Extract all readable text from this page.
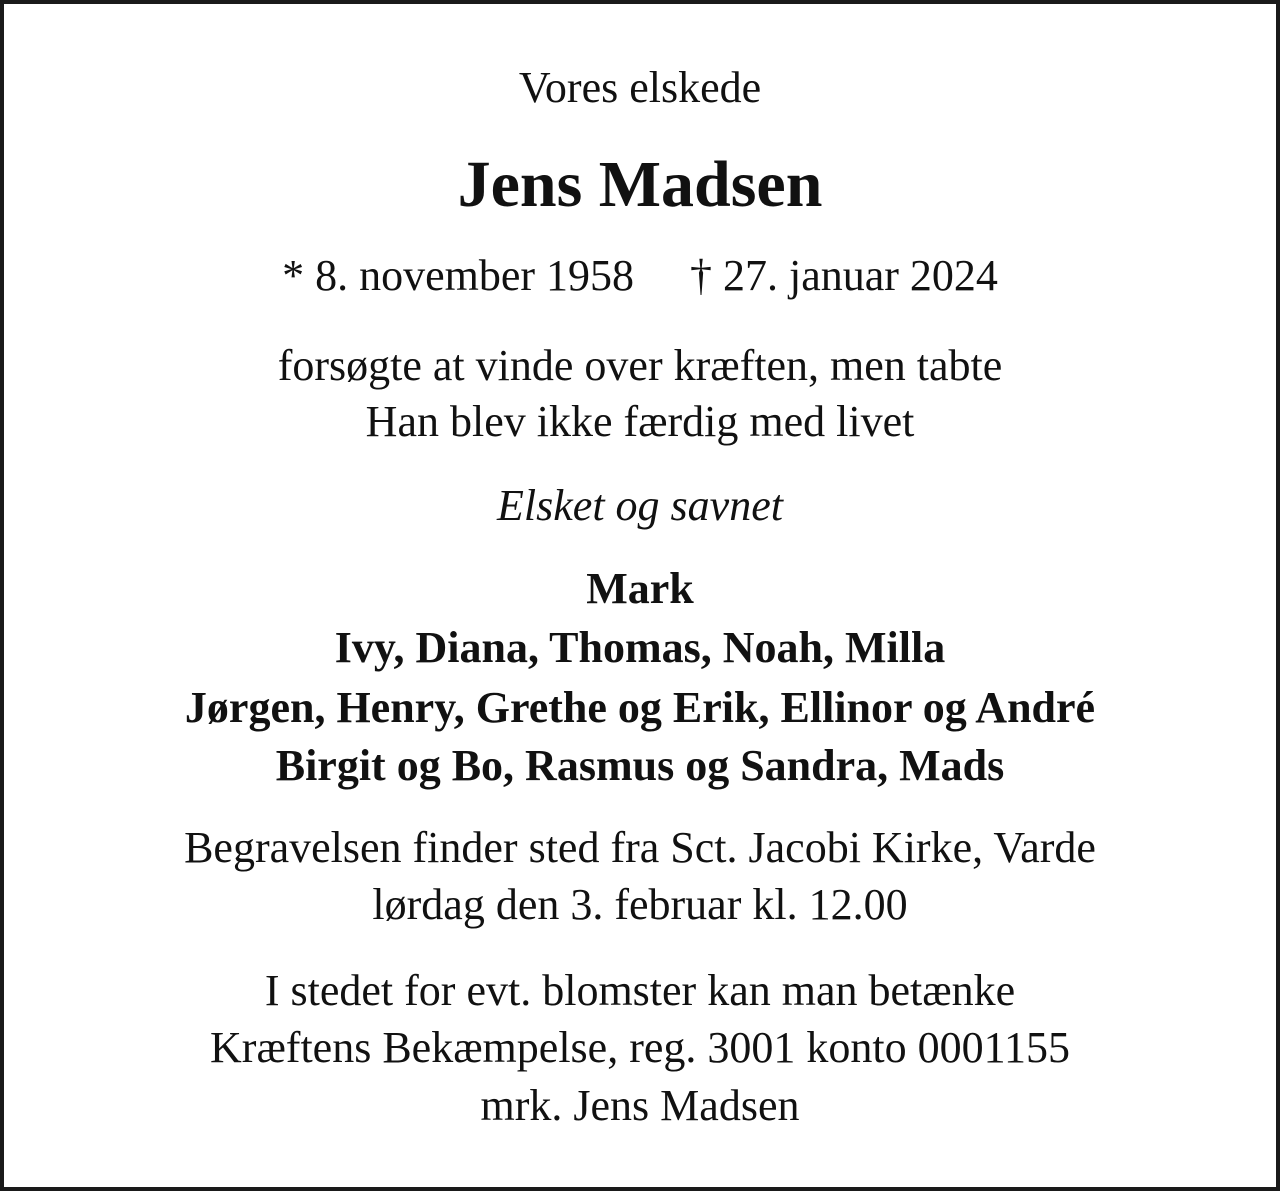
Vores elskede

Jens Madsen

* 8. november 1958 † 27. januar 2024

forsøgte at vinde over kræften, men tabte

Han blev ikke færdig med livet

Elsket og savnet

Mark

Ivy, Diana, Thomas, Noah, Milla

Jørgen, Henry, Grethe og Erik, Ellinor og André

Birgit og Bo, Rasmus og Sandra, Mads

Begravelsen finder sted fra Sct. Jacobi Kirke, Varde

lørdag den 3. februar kl. 12.00

I stedet for evt. blomster kan man betænke

Kræftens Bekæmpelse, reg. 3001 konto 0001155

mrk. Jens Madsen
